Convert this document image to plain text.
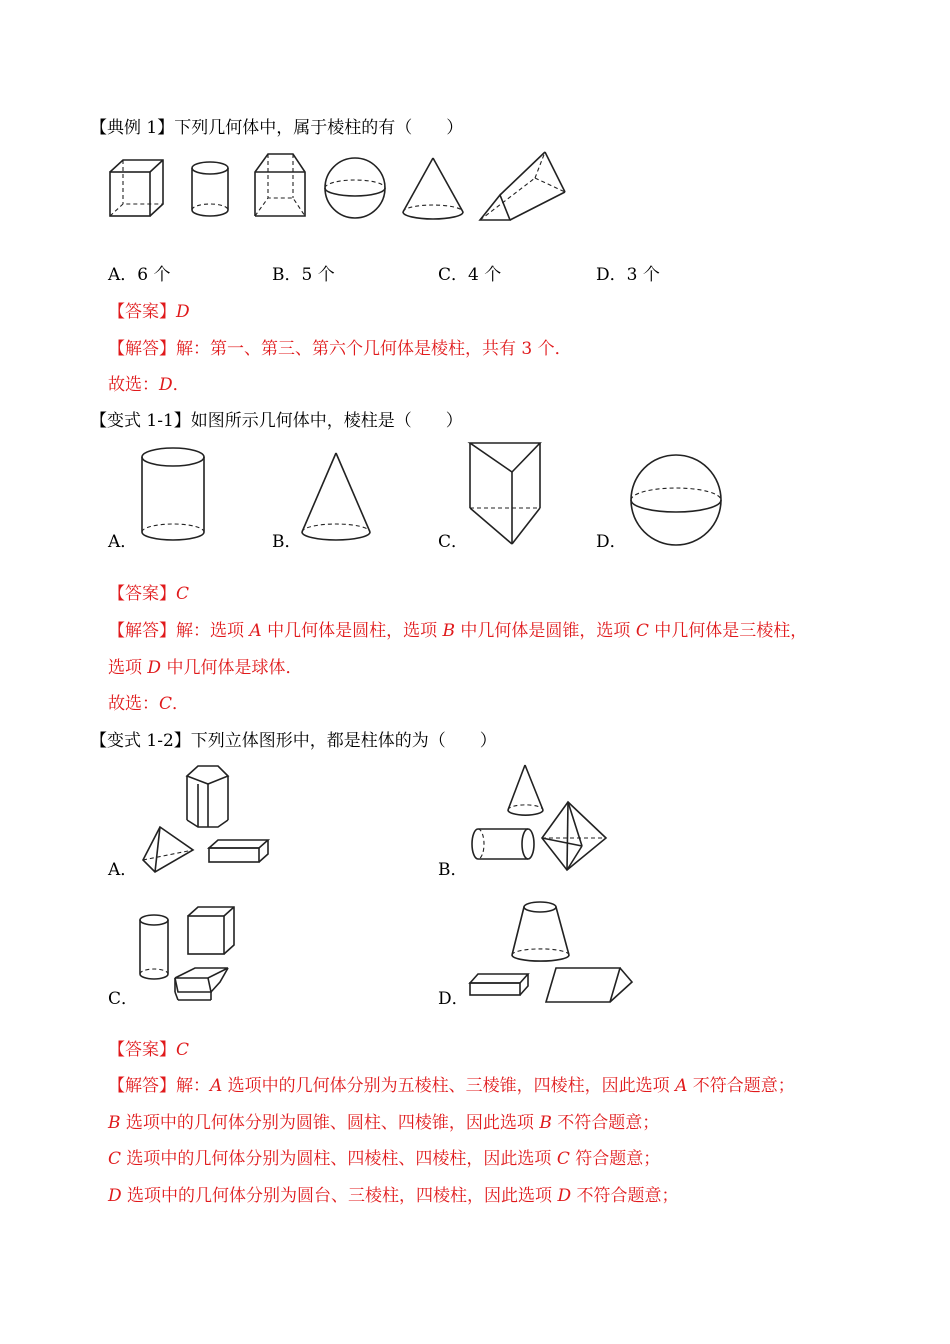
【典例 1】下列几何体中，属于棱柱的有（　　）
A．6 个	B．5 个	C．4 个	D．3 个
【答案】D
【解答】解：第一、第三、第六个几何体是棱柱，共有 3 个．
故选：D．
【变式 1-1】如图所示几何体中，棱柱是（　　）
A．	B．	C．	D．
【答案】C
【解答】解：选项 A 中几何体是圆柱，选项 B 中几何体是圆锥，选项 C 中几何体是三棱柱，
选项 D 中几何体是球体．
故选：C．
【变式 1-2】下列立体图形中，都是柱体的为（　　）
A．	B．
C．	D．
【答案】C
【解答】解：A 选项中的几何体分别为五棱柱、三棱锥，四棱柱，因此选项 A 不符合题意；
B 选项中的几何体分别为圆锥、圆柱、四棱锥，因此选项 B 不符合题意；
C 选项中的几何体分别为圆柱、四棱柱、四棱柱，因此选项 C 符合题意；
D 选项中的几何体分别为圆台、三棱柱，四棱柱，因此选项 D 不符合题意；
